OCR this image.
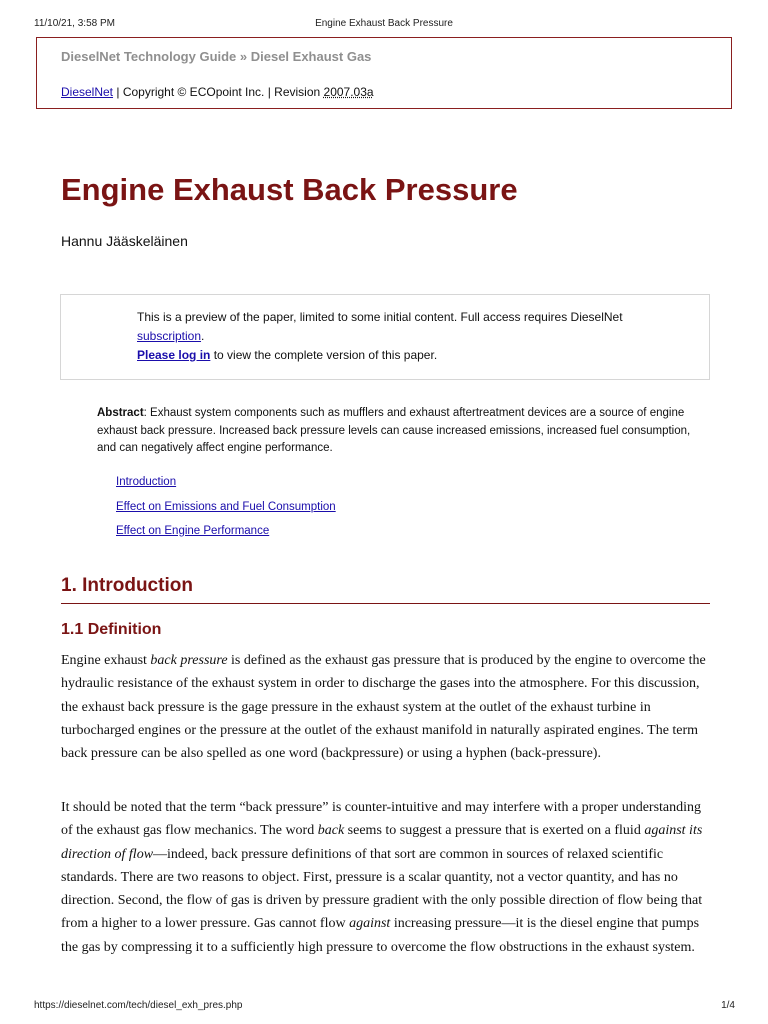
11/10/21, 3:58 PM	Engine Exhaust Back Pressure
DieselNet Technology Guide » Diesel Exhaust Gas
DieselNet | Copyright © ECOpoint Inc. | Revision 2007.03a
Engine Exhaust Back Pressure
Hannu Jääskeläinen
This is a preview of the paper, limited to some initial content. Full access requires DieselNet subscription.
Please log in to view the complete version of this paper.
Abstract: Exhaust system components such as mufflers and exhaust aftertreatment devices are a source of engine exhaust back pressure. Increased back pressure levels can cause increased emissions, increased fuel consumption, and can negatively affect engine performance.
Introduction
Effect on Emissions and Fuel Consumption
Effect on Engine Performance
1. Introduction
1.1 Definition

Engine exhaust back pressure is defined as the exhaust gas pressure that is produced by the engine to overcome the hydraulic resistance of the exhaust system in order to discharge the gases into the atmosphere. For this discussion, the exhaust back pressure is the gage pressure in the exhaust system at the outlet of the exhaust turbine in turbocharged engines or the pressure at the outlet of the exhaust manifold in naturally aspirated engines. The term back pressure can be also spelled as one word (backpressure) or using a hyphen (back-pressure).

It should be noted that the term “back pressure” is counter-intuitive and may interfere with a proper understanding of the exhaust gas flow mechanics. The word back seems to suggest a pressure that is exerted on a fluid against its direction of flow—indeed, back pressure definitions of that sort are common in sources of relaxed scientific standards. There are two reasons to object. First, pressure is a scalar quantity, not a vector quantity, and has no direction. Second, the flow of gas is driven by pressure gradient with the only possible direction of flow being that from a higher to a lower pressure. Gas cannot flow against increasing pressure—it is the diesel engine that pumps the gas by compressing it to a sufficiently high pressure to overcome the flow obstructions in the exhaust system.

https://dieselnet.com/tech/diesel_exh_pres.php	1/4
